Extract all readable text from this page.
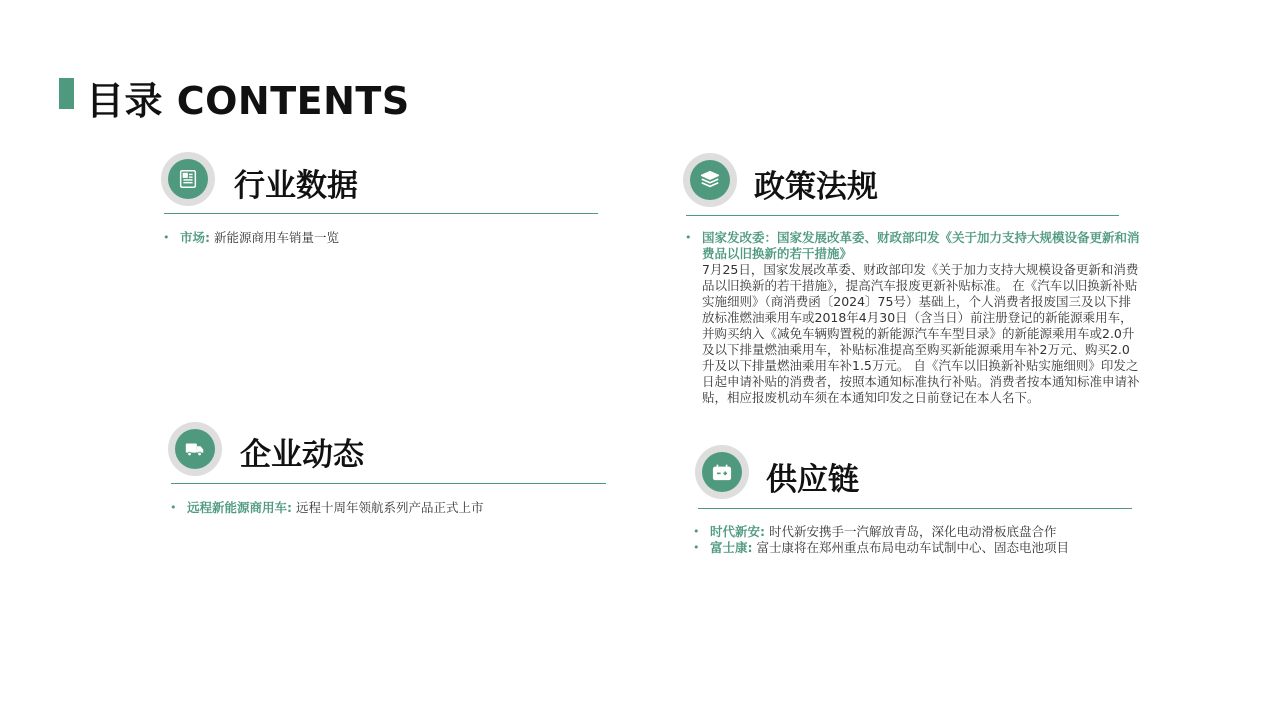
目录 CONTENTS
行业数据
• 市场: 新能源商用车销量一览
政策法规
• 国家发改委：国家发展改革委、财政部印发《关于加力支持大规模设备更新和消费品以旧换新的若干措施》
7月25日，国家发展改革委、财政部印发《关于加力支持大规模设备更新和消费品以旧换新的若干措施》，提高汽车报废更新补贴标准。 在《汽车以旧换新补贴实施细则》（商消费函〔2024〕75号）基础上，个人消费者报废国三及以下排放标准燃油乘用车或2018年4月30日（含当日）前注册登记的新能源乘用车，并购买纳入《减免车辆购置税的新能源汽车车型目录》的新能源乘用车或2.0升及以下排量燃油乘用车，补贴标准提高至购买新能源乘用车补2万元、购买2.0升及以下排量燃油乘用车补1.5万元。 自《汽车以旧换新补贴实施细则》印发之日起申请补贴的消费者，按照本通知标准执行补贴。消费者按本通知标准申请补贴，相应报废机动车须在本通知印发之日前登记在本人名下。
企业动态
• 远程新能源商用车: 远程十周年领航系列产品正式上市
供应链
• 时代新安: 时代新安携手一汽解放青岛，深化电动滑板底盘合作
• 富士康: 富士康将在郑州重点布局电动车试制中心、固态电池项目
